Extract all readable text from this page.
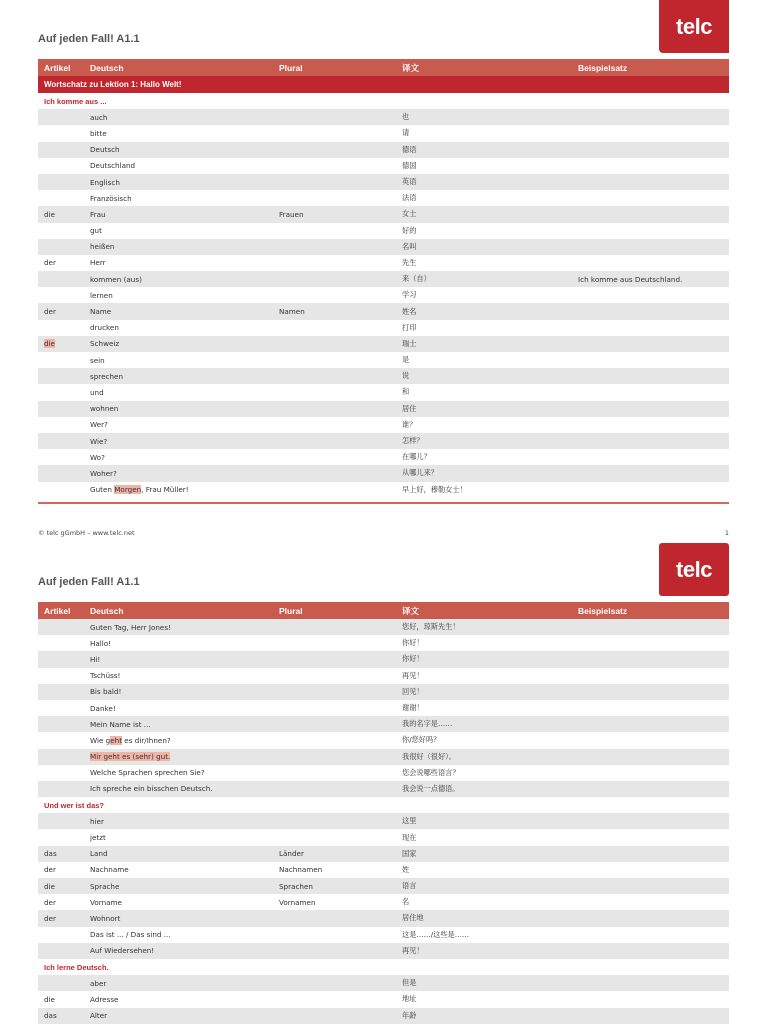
telc
Auf jeden Fall! A1.1
Artikel	Deutsch	Plural	译文	Beispielsatz
Wortschatz zu Lektion 1: Hallo Welt!				
Ich komme aus ...				
	auch		也	
	bitte		请	
	Deutsch		德语	
	Deutschland		德国	
	Englisch		英语	
	Französisch		法语	
die	Frau	Frauen	女士	
	gut		好的	
	heißen		名叫	
der	Herr		先生	
	kommen (aus)		来（自）	Ich komme aus Deutschland.
	lernen		学习	
der	Name	Namen	姓名	
	drucken		打印	
die	Schweiz		瑞士	
	sein		是	
	sprechen		说	
	und		和	
	wohnen		居住	
	Wer?		谁？	
	Wie?		怎样？	
	Wo?		在哪儿？	
	Woher?		从哪儿来？	
	Guten Morgen, Frau Müller!		早上好，穆勒女士！	
© telc gGmbH – www.telc.net	1
telc
Auf jeden Fall! A1.1
Artikel	Deutsch	Plural	译文	Beispielsatz
	Guten Tag, Herr Jones!		您好，琼斯先生！	
	Hallo!		你好！	
	Hi!		你好！	
	Tschüss!		再见！	
	Bis bald!		回见！	
	Danke!		谢谢！	
	Mein Name ist ...		我的名字是……	
	Wie geht es dir/Ihnen?		你/您好吗？	
	Mir geht es (sehr) gut.		我很好（很好）。	
	Welche Sprachen sprechen Sie?		您会说哪些语言？	
	Ich spreche ein bisschen Deutsch.		我会说一点德语。	
Und wer ist das?				
	hier		这里	
	jetzt		现在	
das	Land	Länder	国家	
der	Nachname	Nachnamen	姓	
die	Sprache	Sprachen	语言	
der	Vorname	Vornamen	名	
der	Wohnort		居住地	
	Das ist ... / Das sind ...		这是……/这些是……	
	Auf Wiedersehen!		再见！	
Ich lerne Deutsch.				
	aber		但是	
die	Adresse		地址	
das	Alter		年龄	
